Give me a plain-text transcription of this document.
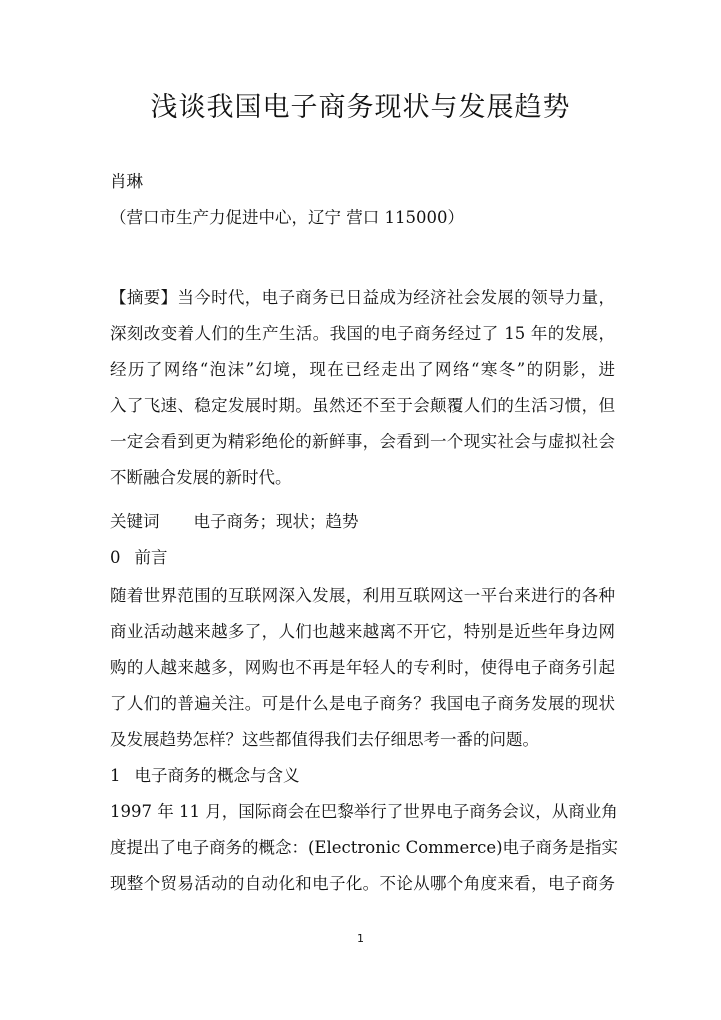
浅谈我国电子商务现状与发展趋势
肖琳
（营口市生产力促进中心，辽宁 营口 115000）
【摘要】当今时代，电子商务已日益成为经济社会发展的领导力量，
深刻改变着人们的生产生活。我国的电子商务经过了 15 年的发展，
经历了网络“泡沫”幻境，现在已经走出了网络“寒冬”的阴影，进
入了飞速、稳定发展时期。虽然还不至于会颠覆人们的生活习惯，但
一定会看到更为精彩绝伦的新鲜事，会看到一个现实社会与虚拟社会
不断融合发展的新时代。
关键词 电子商务；现状；趋势
0 前言
随着世界范围的互联网深入发展，利用互联网这一平台来进行的各种
商业活动越来越多了，人们也越来越离不开它，特别是近些年身边网
购的人越来越多，网购也不再是年轻人的专利时，使得电子商务引起
了人们的普遍关注。可是什么是电子商务？我国电子商务发展的现状
及发展趋势怎样？这些都值得我们去仔细思考一番的问题。
1 电子商务的概念与含义
1997 年 11 月，国际商会在巴黎举行了世界电子商务会议，从商业角
度提出了电子商务的概念：(Electronic Commerce)电子商务是指实
现整个贸易活动的自动化和电子化。不论从哪个角度来看，电子商务
1
